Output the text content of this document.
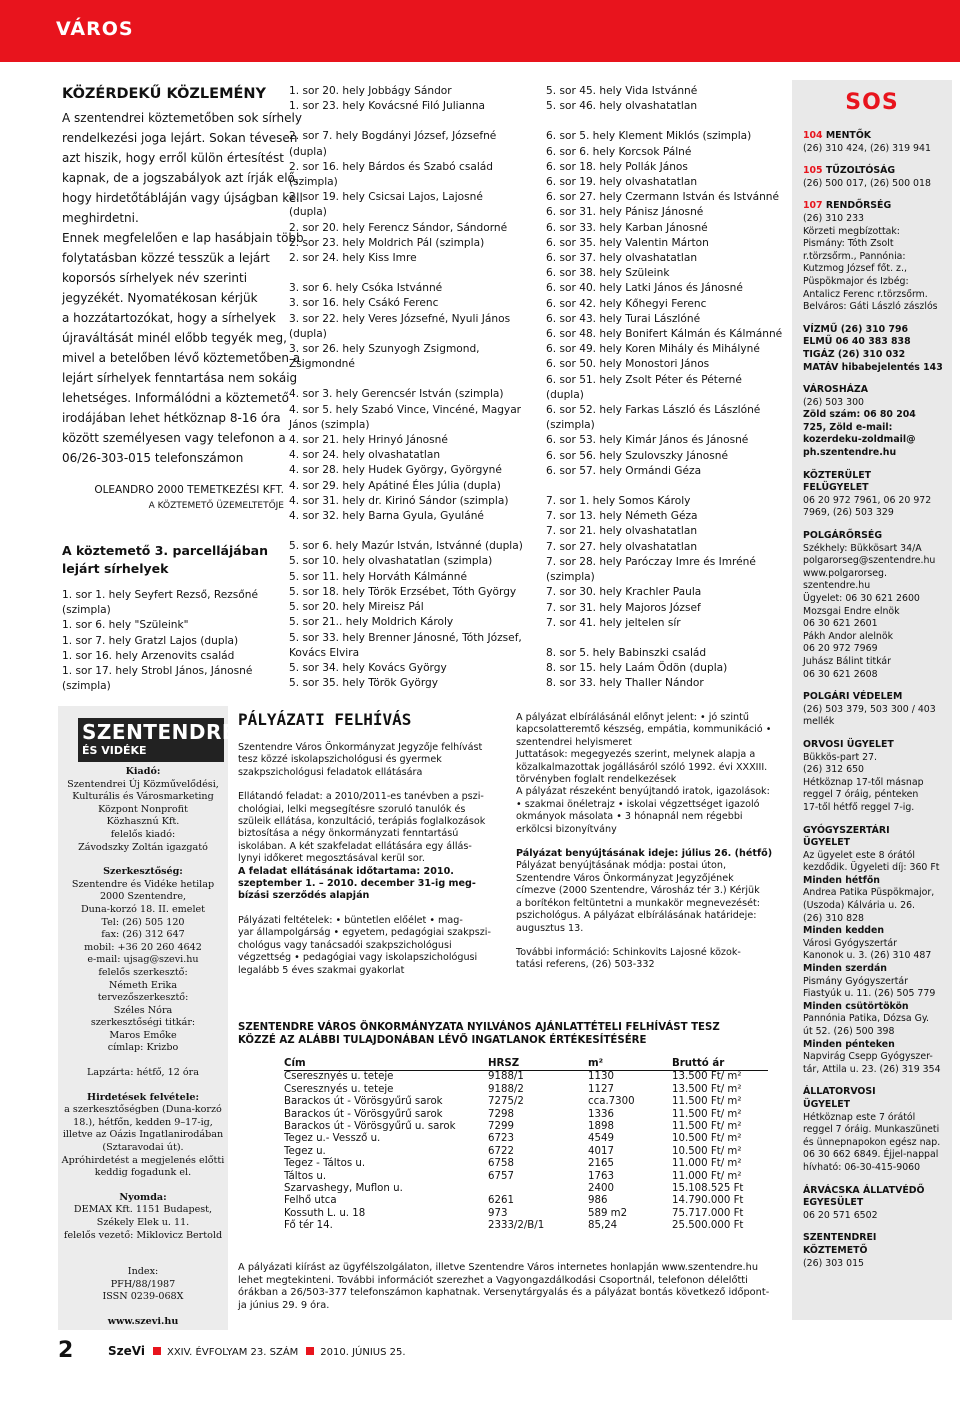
VÁROS
KÖZÉRDEKŰ KÖZLEMÉNY
A szentendrei köztemetőben sok sírhely
rendelkezési joga lejárt. Sokan tévesen
azt hiszik, hogy erről külön értesítést
kapnak, de a jogszabályok azt írják elő,
hogy hirdetőtábláján vagy újságban kell
meghirdetni.
Ennek megfelelően e lap hasábjain több
folytatásban közzé tesszük a lejárt
koporsós sírhelyek név szerinti
jegyzékét. Nyomatékosan kérjük
a hozzátartozókat, hogy a sírhelyek
újraváltását minél előbb tegyék meg,
mivel a betelőben lévő köztemetőben a
lejárt sírhelyek fenntartása nem sokáig
lehetséges. Informálódni a köztemető
irodájában lehet hétköznap 8-16 óra
között személyesen vagy telefonon a
06/26-303-015 telefonszámon
OLEANDRO 2000 TEMETKEZÉSI KFT.
A KÖZTEMETŐ ÜZEMELTETŐJE
A köztemető 3. parcellájában
lejárt sírhelyek
1. sor 1. hely Seyfert Rezső, Rezsőné
(szimpla)
1. sor 6. hely "Szüleink"
1. sor 7. hely Gratzl Lajos (dupla)
1. sor 16. hely Arzenovits család
1. sor 17. hely Strobl János, Jánosné
(szimpla)
1. sor 20. hely Jobbágy Sándor
1. sor 23. hely Kovácsné Filó Julianna
2. sor 7. hely Bogdányi József, Józsefné
(dupla)
2. sor 16. hely Bárdos és Szabó család
(szimpla)
2. sor 19. hely Csicsai Lajos, Lajosné
(dupla)
2. sor 20. hely Ferencz Sándor, Sándorné
2. sor 23. hely Moldrich Pál (szimpla)
2. sor 24. hely Kiss Imre
3. sor 6. hely Csóka Istvánné
3. sor 16. hely Csákó Ferenc
3. sor 22. hely Veres Józsefné, Nyuli János
(dupla)
3. sor 26. hely Szunyogh Zsigmond,
Zsigmondné
4. sor 3. hely Gerencsér István (szimpla)
4. sor 5. hely Szabó Vince, Vincéné, Magyar
János (szimpla)
4. sor 21. hely Hrinyó Jánosné
4. sor 24. hely olvashatatlan
4. sor 28. hely Hudek György, Györgyné
4. sor 29. hely Apátiné Éles Júlia (dupla)
4. sor 31. hely dr. Kirinó Sándor (szimpla)
4. sor 32. hely Barna Gyula, Gyuláné
5. sor 6. hely Mazúr István, Istvánné (dupla)
5. sor 10. hely olvashatatlan (szimpla)
5. sor 11. hely Horváth Kálmánné
5. sor 18. hely Török Erzsébet, Tóth György
5. sor 20. hely Mireisz Pál
5. sor 21.. hely Moldrich Károly
5. sor 33. hely Brenner Jánosné, Tóth József,
Kovács Elvira
5. sor 34. hely Kovács György
5. sor 35. hely Török György
5. sor 45. hely Vida Istvánné
5. sor 46. hely olvashatatlan
6. sor 5. hely Klement Miklós (szimpla)
6. sor 6. hely Korcsok Pálné
6. sor 18. hely Pollák János
6. sor 19. hely olvashatatlan
6. sor 27. hely Czermann István és Istvánné
6. sor 31. hely Pánisz Jánosné
6. sor 33. hely Karban Jánosné
6. sor 35. hely Valentin Márton
6. sor 37. hely olvashatatlan
6. sor 38. hely Szüleink
6. sor 40. hely Latki János és Jánosné
6. sor 42. hely Kőhegyi Ferenc
6. sor 43. hely Turai Lászlóné
6. sor 48. hely Bonifert Kálmán és Kálmánné
6. sor 49. hely Koren Mihály és Mihályné
6. sor 50. hely Monostori János
6. sor 51. hely Zsolt Péter és Péterné
(dupla)
6. sor 52. hely Farkas László és Lászlóné
(szimpla)
6. sor 53. hely Kimár János és Jánosné
6. sor 56. hely Szulovszky Jánosné
6. sor 57. hely Ormándi Géza
7. sor 1. hely Somos Károly
7. sor 13. hely Németh Géza
7. sor 21. hely olvashatatlan
7. sor 27. hely olvashatatlan
7. sor 28. hely Paróczay Imre és Imréné
(szimpla)
7. sor 30. hely Krachler Paula
7. sor 31. hely Majoros József
7. sor 41. hely jeltelen sír
8. sor 5. hely Babinszki család
8. sor 15. hely Laám Ödön (dupla)
8. sor 33. hely Thaller Nándor
SOS
104 MENTŐK
(26) 310 424, (26) 319 941
105 TŰZOLTÓSÁG
(26) 500 017, (26) 500 018
107 RENDŐRSÉG
(26) 310 233
Körzeti megbízottak:
Pismány: Tóth Zsolt
r.törzsőrm., Pannónia:
Kutzmog József főt. z.,
Püspökmajor és Izbég:
Antalicz Ferenc r.törzsőrm.
Belváros: Gáti László zászlós
VÍZMŰ (26) 310 796
ELMŰ 06 40 383 838
TIGÁZ (26) 310 032
MATÁV hibabejelentés 143
VÁROSHÁZA
(26) 503 300
Zöld szám: 06 80 204
725, Zöld e-mail:
kozerdeku-zoldmail@
ph.szentendre.hu
KÖZTERÜLET
FELÜGYELET
06 20 972 7961, 06 20 972
7969, (26) 503 329
POLGÁRŐRSÉG
Székhely: Bükkösart 34/A
polgarorseg@szentendre.hu
www.polgarorseg.
szentendre.hu
Ügyelet: 06 30 621 2600
Mozsgai Endre elnök
06 30 621 2601
Pákh Andor alelnök
06 20 972 7969
Juhász Bálint titkár
06 30 621 2608
POLGÁRI VÉDELEM
(26) 503 379, 503 300 / 403
mellék
ORVOSI ÜGYELET
Bükkös-part 27.
(26) 312 650
Hétköznap 17-től másnap
reggel 7 óráig, pénteken
17-től hétfő reggel 7-ig.
GYÓGYSZERTÁRI
ÜGYELET
Az ügyelet este 8 órától
kezdődik. Ügyeleti díj: 360 Ft
Minden hétfőn
Andrea Patika Püspökmajor,
(Uszoda) Kálvária u. 26.
(26) 310 828
Minden kedden
Városi Gyógyszertár
Kanonok u. 3. (26) 310 487
Minden szerdán
Pismány Gyógyszertár
Fiastyúk u. 11. (26) 505 779
Minden csütörtökön
Pannónia Patika, Dózsa Gy.
út 52. (26) 500 398
Minden pénteken
Napvirág Csepp Gyógyszer-
tár, Attila u. 23. (26) 319 354
ÁLLATORVOSI
ÜGYELET
Hétköznap este 7 órától
reggel 7 óráig. Munkaszüneti
és ünnepnapokon egész nap.
06 30 662 6849. Éjjel-nappal
hívható: 06-30-415-9060
ÁRVÁCSKA ÁLLATVÉDŐ
EGYESÜLET
06 20 571 6502
SZENTENDREI
KÖZTEMETŐ
(26) 303 015
SZENTENDRE
ÉS VIDÉKE
Kiadó:
Szentendrei Új Közművelődési,
Kulturális és Városmarketing
Központ Nonprofit
Közhasznú Kft.
felelős kiadó:
Závodszky Zoltán igazgató
Szerkesztőség:
Szentendre és Vidéke hetilap
2000 Szentendre,
Duna-korzó 18. II. emelet
Tel: (26) 505 120
fax: (26) 312 647
mobil: +36 20 260 4642
e-mail: ujsag@szevi.hu
felelős szerkesztő:
Németh Erika
tervezőszerkesztő:
Széles Nóra
szerkesztőségi titkár:
Maros Emőke
címlap: Krizbo
Lapzárta: hétfő, 12 óra
Hirdetések felvétele:
a szerkesztőségben (Duna-korzó
18.), hétfőn, kedden 9–17-ig,
illetve az Oázis Ingatlanirodában
(Sztaravodai út).
Apróhirdetést a megjelenés előtti
keddig fogadunk el.
Nyomda:
DEMAX Kft. 1151 Budapest,
Székely Elek u. 11.
felelős vezető: Miklovicz Bertold
Index:
PFH/88/1987
ISSN 0239-068X
www.szevi.hu
PÁLYÁZATI FELHÍVÁS
Szentendre Város Önkormányzat Jegyzője felhívást
tesz közzé iskolapszichológusi és gyermek
szakpszichológusi feladatok ellátására
Ellátandó feladat: a 2010/2011-es tanévben a pszi-
chológiai, lelki megsegítésre szoruló tanulók és
szüleik ellátása, konzultáció, terápiás foglalkozások
biztosítása a négy önkormányzati fenntartású
iskolában. A két szakfeladat ellátására egy állás-
lynyi időkeret megosztásával kerül sor.
A feladat ellátásának időtartama: 2010.
szeptember 1. – 2010. december 31-ig meg-
bízási szerződés alapján
Pályázati feltételek: • büntetlen előélet • mag-
yar állampolgárság • egyetem, pedagógiai szakpszi-
chológus vagy tanácsadói szakpszichológusi
végzettség • pedagógiai vagy iskolapszichológusi
legalább 5 éves szakmai gyakorlat
A pályázat elbírálásánál előnyt jelent: • jó szintű
kapcsolatteremtő készség, empátia, kommunikáció •
szentendrei helyismeret
Juttatások: megegyezés szerint, melynek alapja a
közalkalmazottak jogállásáról szóló 1992. évi XXXIII.
törvényben foglalt rendelkezések
A pályázat részeként benyújtandó iratok, igazolások:
• szakmai önéletrajz • iskolai végzettséget igazoló
okmányok másolata • 3 hónapnál nem régebbi
erkölcsi bizonyítvány
Pályázat benyújtásának ideje: július 26. (hétfő)
Pályázat benyújtásának módja: postai úton,
Szentendre Város Önkormányzat Jegyzőjének
címezve (2000 Szentendre, Városház tér 3.) Kérjük
a borítékon feltüntetni a munkakör megnevezését:
pszichológus. A pályázat elbírálásának határideje:
augusztus 13.
További információ: Schinkovits Lajosné közok-
tatási referens, (26) 503-332
SZENTENDRE VÁROS ÖNKORMÁNYZATA NYILVÁNOS AJÁNLATTÉTELI FELHÍVÁST TESZ
KÖZZÉ AZ ALÁBBI TULAJDONÁBAN LÉVŐ INGATLANOK ÉRTÉKESÍTÉSÉRE
Cím	HRSZ	m²	Bruttó ár
Cseresznyés u. teteje	9188/1	1130	13.500 Ft/ m²
Cseresznyés u. teteje	9188/2	1127	13.500 Ft/ m²
Barackos út - Vörösgyűrű sarok	7275/2	cca.7300	11.500 Ft/ m²
Barackos út - Vörösgyűrű sarok	7298	1336	11.500 Ft/ m²
Barackos út - Vörösgyűrű u. sarok	7299	1898	11.500 Ft/ m²
Tegez u.- Vessző u.	6723	4549	10.500 Ft/ m²
Tegez u.	6722	4017	10.500 Ft/ m²
Tegez - Táltos u.	6758	2165	11.000 Ft/ m²
Táltos u.	6757	1763	11.000 Ft/ m²
Szarvashegy, Muflon u.		2400	15.108.525 Ft
Felhő utca	6261	986	14.790.000 Ft
Kossuth L. u. 18	973	589 m2	75.717.000 Ft
Fő tér 14.	2333/2/B/1	85,24	25.500.000 Ft
A pályázati kiírást az ügyfélszolgálaton, illetve Szentendre Város internetes honlapján www.szentendre.hu
lehet megtekinteni. További információt szerezhet a Vagyongazdálkodási Csoportnál, telefonon délelőtti
órákban a 26/503-377 telefonszámon kaphatnak. Versenytárgyalás és a pályázat bontás következő időpont-
ja június 29. 9 óra.
2	SzeVi XXIV. ÉVFOLYAM 23. SZÁM 2010. JÚNIUS 25.
